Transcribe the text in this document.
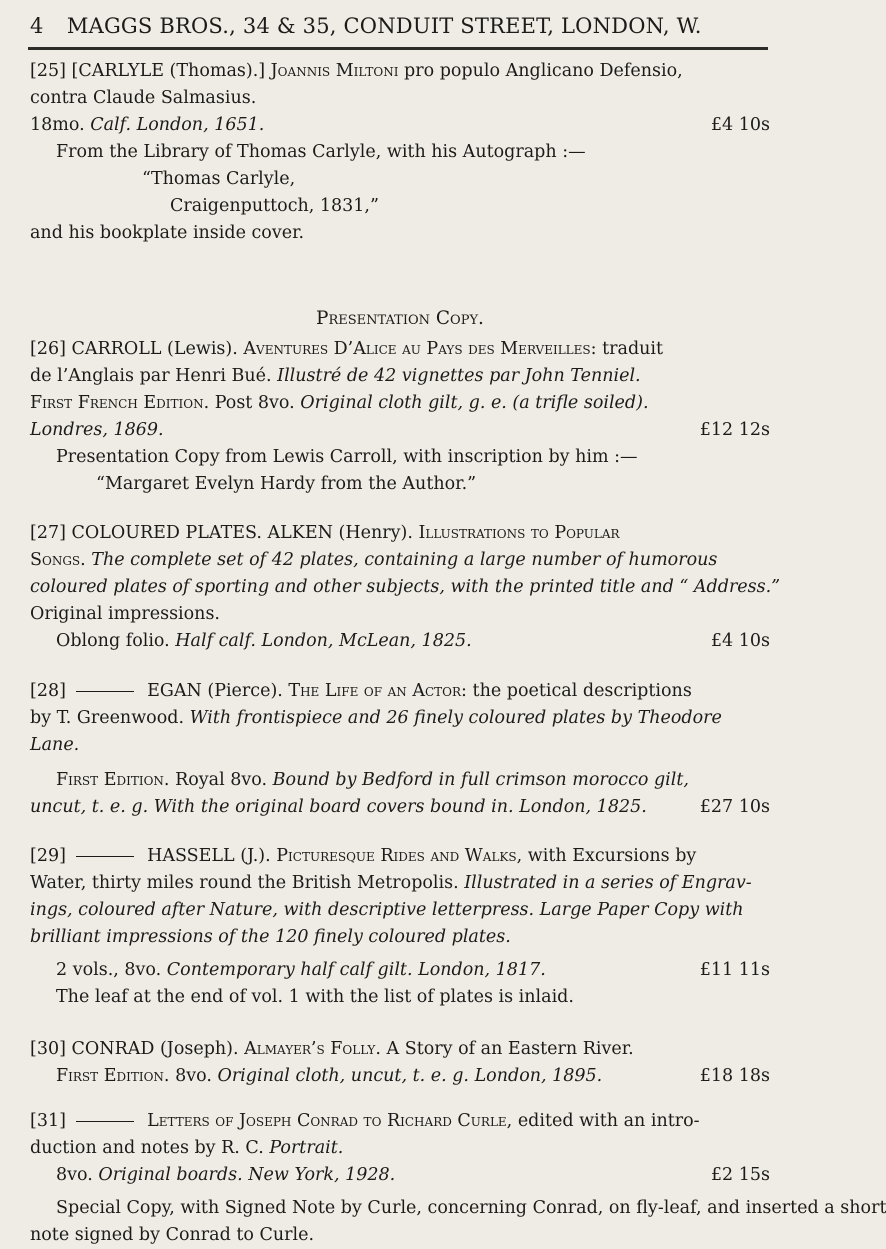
4 MAGGS BROS., 34 & 35, CONDUIT STREET, LONDON, W.
[25] [CARLYLE (Thomas).] Joannis Miltoni pro populo Anglicano Defensio,
contra Claude Salmasius.
18mo. Calf. London, 1651.	£4 10s
From the Library of Thomas Carlyle, with his Autograph :—
“Thomas Carlyle,
Craigenputtoch, 1831,”
and his bookplate inside cover.
Presentation Copy.
[26] CARROLL (Lewis). Aventures D’Alice au Pays des Merveilles: traduit
de l’Anglais par Henri Bué. Illustré de 42 vignettes par John Tenniel.
First French Edition. Post 8vo. Original cloth gilt, g. e. (a trifle soiled).
Londres, 1869.	£12 12s
Presentation Copy from Lewis Carroll, with inscription by him :—
“Margaret Evelyn Hardy from the Author.”
[27] COLOURED PLATES. ALKEN (Henry). Illustrations to Popular
Songs. The complete set of 42 plates, containing a large number of humorous
coloured plates of sporting and other subjects, with the printed title and “ Address.”
Original impressions.
Oblong folio. Half calf. London, McLean, 1825.	£4 10s
[28]	EGAN (Pierce). The Life of an Actor: the poetical descriptions
by T. Greenwood. With frontispiece and 26 finely coloured plates by Theodore
Lane.
First Edition. Royal 8vo. Bound by Bedford in full crimson morocco gilt,
uncut, t. e. g. With the original board covers bound in. London, 1825.	£27 10s
[29]	HASSELL (J.). Picturesque Rides and Walks, with Excursions by
Water, thirty miles round the British Metropolis. Illustrated in a series of Engrav-
ings, coloured after Nature, with descriptive letterpress. Large Paper Copy with
brilliant impressions of the 120 finely coloured plates.
2 vols., 8vo. Contemporary half calf gilt. London, 1817.	£11 11s
The leaf at the end of vol. 1 with the list of plates is inlaid.
[30] CONRAD (Joseph). Almayer’s Folly. A Story of an Eastern River.
First Edition. 8vo. Original cloth, uncut, t. e. g. London, 1895.	£18 18s
[31]	Letters of Joseph Conrad to Richard Curle, edited with an intro-
duction and notes by R. C. Portrait.
8vo. Original boards. New York, 1928.	£2 15s
Special Copy, with Signed Note by Curle, concerning Conrad, on fly-leaf, and inserted a short
note signed by Conrad to Curle.
